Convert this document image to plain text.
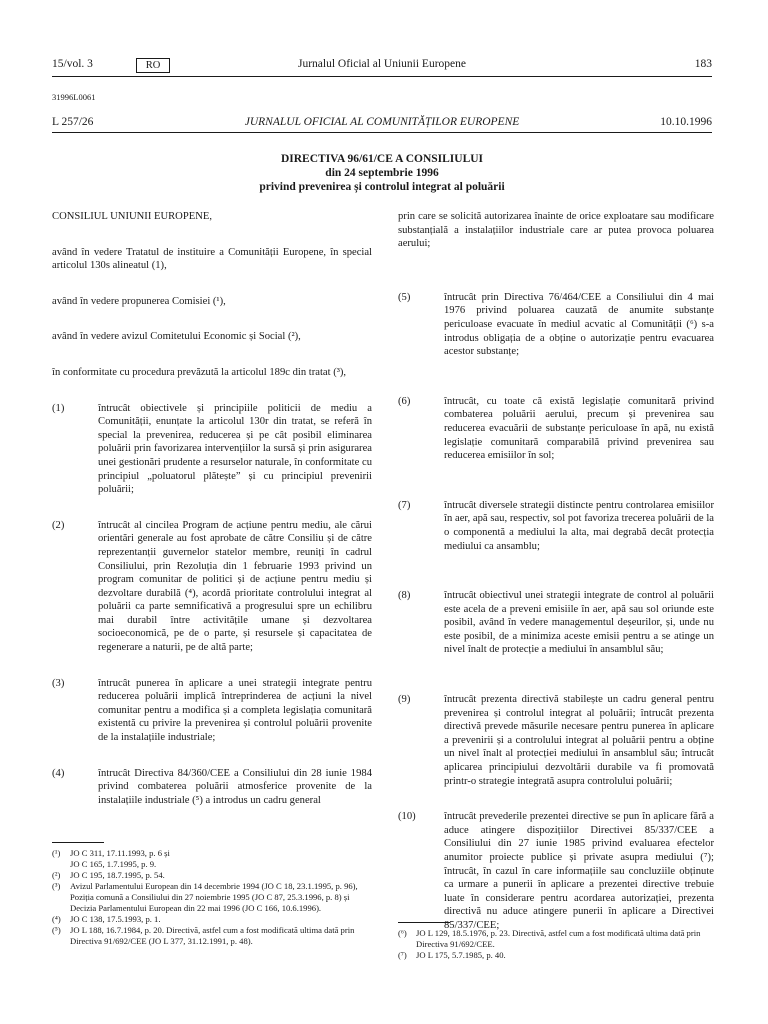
15/vol. 3	RO	Jurnalul Oficial al Uniunii Europene	183
31996L0061
L 257/26	JURNALUL OFICIAL AL COMUNITĂȚILOR EUROPENE	10.10.1996
DIRECTIVA 96/61/CE A CONSILIULUI
din 24 septembrie 1996
privind prevenirea și controlul integrat al poluării

CONSILIUL UNIUNII EUROPENE,

având în vedere Tratatul de instituire a Comunității Europene, în special articolul 130s alineatul (1),

având în vedere propunerea Comisiei (¹),

având în vedere avizul Comitetului Economic și Social (²),

în conformitate cu procedura prevăzută la articolul 189c din tratat (³),

(1)	întrucât obiectivele și principiile politicii de mediu a Comunității, enunțate la articolul 130r din tratat, se referă în special la prevenirea, reducerea și pe cât posibil eliminarea poluării prin favorizarea intervențiilor la sursă și prin asigurarea unei gestionări prudente a resurselor naturale, în conformitate cu principiul „poluatorul plătește” și cu principiul prevenirii poluării;
(2)	întrucât al cincilea Program de acțiune pentru mediu, ale cărui orientări generale au fost aprobate de către Consiliu și de către reprezentanții guvernelor statelor membre, reuniți în cadrul Consiliului, prin Rezoluția din 1 februarie 1993 privind un program comunitar de politici și de acțiune pentru mediu și dezvoltare durabilă (⁴), acordă prioritate controlului integrat al poluării ca parte semnificativă a progresului spre un echilibru mai durabil între activitățile umane și dezvoltarea socioeconomică, pe de o parte, și resursele și capacitatea de regenerare a naturii, pe de altă parte;
(3)	întrucât punerea în aplicare a unei strategii integrate pentru reducerea poluării implică întreprinderea de acțiuni la nivel comunitar pentru a modifica și a completa legislația comunitară existentă cu privire la prevenirea și controlul poluării provenite de la instalațiile industriale;
(4)	întrucât Directiva 84/360/CEE a Consiliului din 28 iunie 1984 privind combaterea poluării atmosferice provenite de la instalațiile industriale (⁵) a introdus un cadru general
prin care se solicită autorizarea înainte de orice exploatare sau modificare substanțială a instalațiilor industriale care ar putea provoca poluarea aerului;
(5)	întrucât prin Directiva 76/464/CEE a Consiliului din 4 mai 1976 privind poluarea cauzată de anumite substanțe periculoase evacuate în mediul acvatic al Comunității (⁶) s-a introdus obligația de a obține o autorizație pentru evacuarea acestor substanțe;
(6)	întrucât, cu toate că există legislație comunitară privind combaterea poluării aerului, precum și prevenirea sau reducerea evacuării de substanțe periculoase în apă, nu există legislație comunitară comparabilă privind prevenirea sau reducerea emisiilor în sol;
(7)	întrucât diversele strategii distincte pentru controlarea emisiilor în aer, apă sau, respectiv, sol pot favoriza trecerea poluării de la o componentă a mediului la alta, mai degrabă decât protecția mediului ca ansamblu;
(8)	întrucât obiectivul unei strategii integrate de control al poluării este acela de a preveni emisiile în aer, apă sau sol oriunde este posibil, având în vedere managementul deșeurilor, și, unde nu este posibil, de a minimiza aceste emisii pentru a se atinge un nivel înalt de protecție a mediului în ansamblul său;
(9)	întrucât prezenta directivă stabilește un cadru general pentru prevenirea și controlul integrat al poluării; întrucât prezenta directivă prevede măsurile necesare pentru punerea în aplicare a prevenirii și a controlului integrat al poluării pentru a obține un nivel înalt al protecției mediului în ansamblul său; întrucât aplicarea principiului dezvoltării durabile va fi promovată printr-o strategie integrată asupra controlului poluării;
(10)	întrucât prevederile prezentei directive se pun în aplicare fără a aduce atingere dispozițiilor Directivei 85/337/CEE a Consiliului din 27 iunie 1985 privind evaluarea efectelor anumitor proiecte publice și private asupra mediului (⁷); întrucât, în cazul în care informațiile sau concluziile obținute ca urmare a punerii în aplicare a prezentei directive trebuie luate în considerare pentru acordarea autorizației, prezenta directivă nu aduce atingere punerii în aplicare a Directivei 85/337/CEE;
(¹) JO C 311, 17.11.1993, p. 6 și
JO C 165, 1.7.1995, p. 9.
(²) JO C 195, 18.7.1995, p. 54.
(³) Avizul Parlamentului European din 14 decembrie 1994 (JO C 18, 23.1.1995, p. 96), Poziția comună a Consiliului din 27 noiembrie 1995 (JO C 87, 25.3.1996, p. 8) și Decizia Parlamentului European din 22 mai 1996 (JO C 166, 10.6.1996).
(⁴) JO C 138, 17.5.1993, p. 1.
(⁵) JO L 188, 16.7.1984, p. 20. Directivă, astfel cum a fost modificată ultima dată prin Directiva 91/692/CEE (JO L 377, 31.12.1991, p. 48).
(⁶) JO L 129, 18.5.1976, p. 23. Directivă, astfel cum a fost modificată ultima dată prin Directiva 91/692/CEE.
(⁷) JO L 175, 5.7.1985, p. 40.
